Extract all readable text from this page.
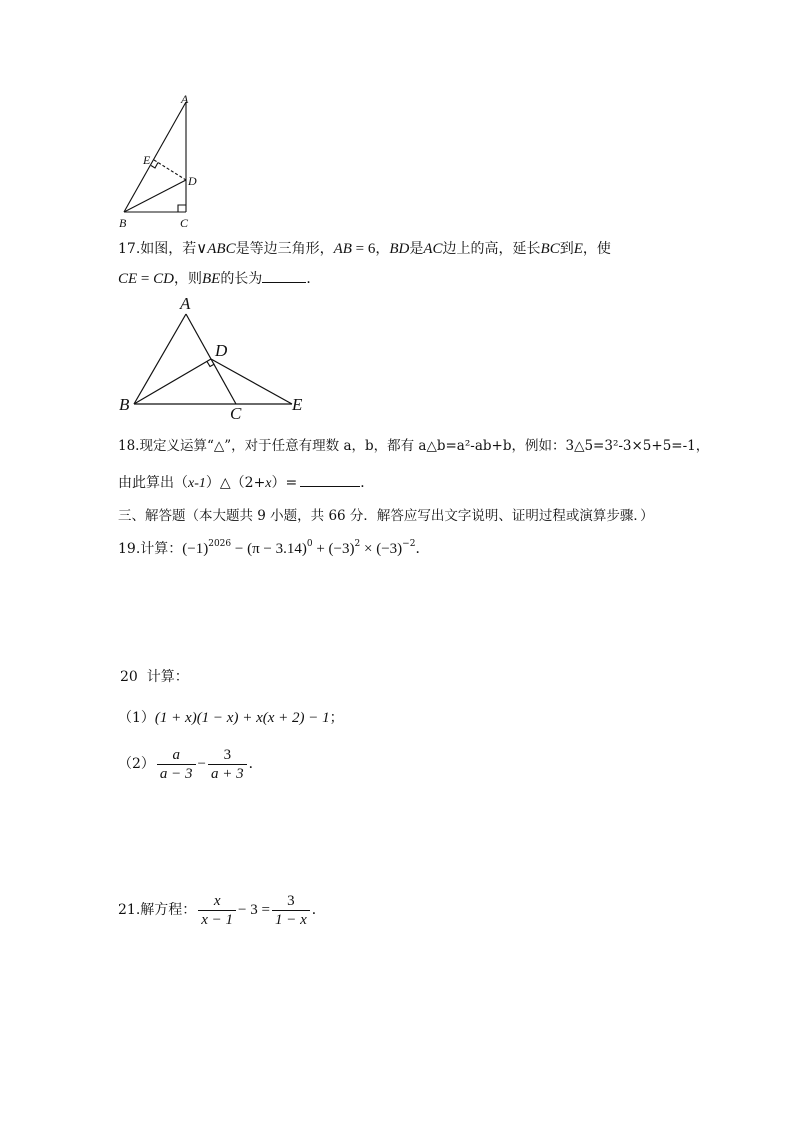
A
E
D
B	C
17.如图，若∨ABC是等边三角形，AB = 6，BD是AC边上的高，延长BC到E，使
CE = CD，则BE的长为	．
A
D
B	C	E
18.现定义运算“△”，对于任意有理数 a，b，都有 a△b=a²-ab+b，例如：3△5=3²-3×5+5=-1，
由此算出（x-1）△（2+x）=	．
三、解答题（本大题共 9 小题，共 66 分．解答应写出文字说明、证明过程或演算步骤．）
19.计算：$(-1)^{2026} - (\pi - 3.14)^0 + (-3)^2 \times (-3)^{-2}$．
20 计算：
（1）(1 + x)(1 − x) + x(x + 2) − 1；
$(2) \frac{a}{a - 3} - \frac{3}{a + 3}$ ．
21.解方程： $\frac{x}{x - 1} - 3 = \frac{3}{1 - x}$ ．
